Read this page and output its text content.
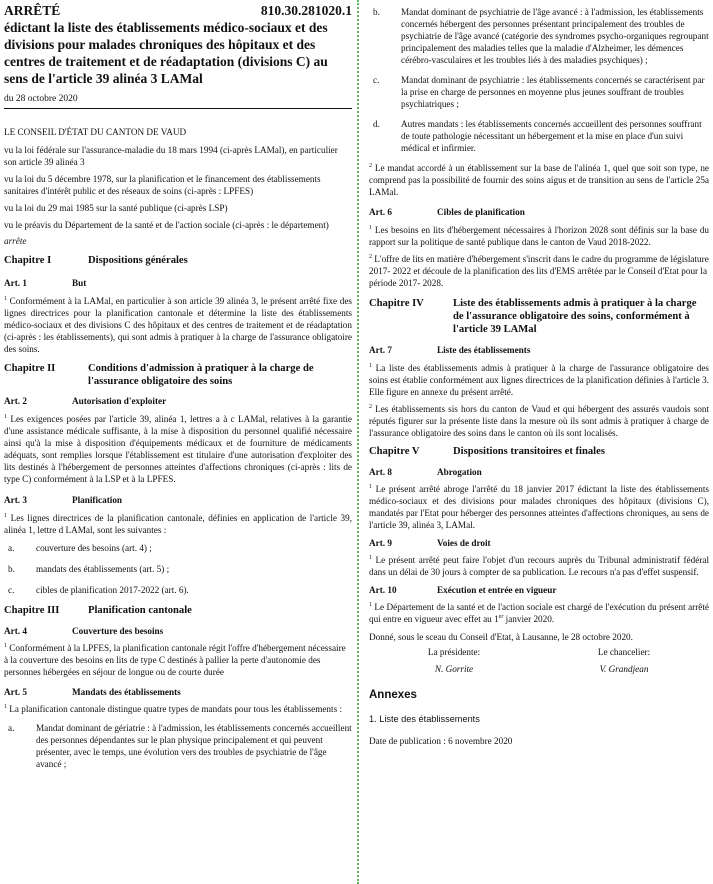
ARRÊTÉ	810.30.281020.1

édictant la liste des établissements médico-sociaux et des divisions pour malades chroniques des hôpitaux et des centres de traitement et de réadaptation (divisions C) au sens de l'article 39 alinéa 3 LAMal

du 28 octobre 2020

LE CONSEIL D'ÉTAT DU CANTON DE VAUD

vu la loi fédérale sur l'assurance-maladie du 18 mars 1994 (ci-après LAMal), en particulier son article 39 alinéa 3

vu la loi du 5 décembre 1978, sur la planification et le financement des établissements sanitaires d'intérêt public et des réseaux de soins (ci-après : LPFES)

vu la loi du 29 mai 1985 sur la santé publique (ci-après LSP)

vu le préavis du Département de la santé et de l'action sociale (ci-après : le département)

arrête

Chapitre I	Dispositions générales
Art. 1	But

$^1$ Conformément à la LAMal, en particulier à son article 39 alinéa 3, le présent arrêté fixe des lignes directrices pour la planification cantonale et détermine la liste des établissements médico-sociaux et des divisions C des hôpitaux et des centres de traitement et de réadaptation (ci-après : les établissements), qui sont admis à pratiquer à la charge de l'assurance obligatoire des soins.

Chapitre II	Conditions d'admission à pratiquer à la charge de l'assurance obligatoire des soins
Art. 2	Autorisation d'exploiter

$^1$ Les exigences posées par l'article 39, alinéa 1, lettres a à c LAMal, relatives à la garantie d'une assistance médicale suffisante, à la mise à disposition du personnel qualifié nécessaire ainsi qu'à la mise à disposition d'équipements médicaux et de fourniture de médicaments adéquats, sont remplies lorsque l'établissement est titulaire d'une autorisation d'exploiter des lits destinés à l'hébergement de personnes atteintes d'affections chroniques (ci-après : lits de type C) conformément à la LSP et à la LPFES.

Art. 3	Planification

$^1$ Les lignes directrices de la planification cantonale, définies en application de l'article 39, alinéa 1, lettre d LAMal, sont les suivantes :

a.	couverture des besoins (art. 4) ;
b.	mandats des établissements (art. 5) ;
c.	cibles de planification 2017-2022 (art. 6).
Chapitre III	Planification cantonale
Art. 4	Couverture des besoins

$^1$ Conformément à la LPFES, la planification cantonale régit l'offre d'hébergement nécessaire à la couverture des besoins en lits de type C destinés à pallier la perte d'autonomie des personnes hébergées en séjour de longue ou de courte durée

Art. 5	Mandats des établissements

$^1$ La planification cantonale distingue quatre types de mandats pour tous les établissements :

a.	Mandat dominant de gériatrie : à l'admission, les établissements concernés accueillent des personnes dépendantes sur le plan physique principalement et qui peuvent présenter, avec le temps, une évolution vers des troubles de psychiatrie de l'âge avancé ;
b.	Mandat dominant de psychiatrie de l'âge avancé : à l'admission, les établissements concernés hébergent des personnes présentant principalement des troubles de psychiatrie de l'âge avancé (catégorie des syndromes psycho-organiques regroupant principalement des maladies telles que la maladie d'Alzheimer, les démences cérébro-vasculaires et les troubles liés à des maladies psychiques) ;
c.	Mandat dominant de psychiatrie : les établissements concernés se caractérisent par la prise en charge de personnes en moyenne plus jeunes souffrant de troubles psychiatriques ;
d.	Autres mandats : les établissements concernés accueillent des personnes souffrant de toute pathologie nécessitant un hébergement et la mise en place d'un suivi médical et infirmier.

$^2$ Le mandat accordé à un établissement sur la base de l'alinéa 1, quel que soit son type, ne comprend pas la possibilité de fournir des soins aigus et de transition au sens de l'article 25a LAMal.

Art. 6	Cibles de planification

$^1$ Les besoins en lits d'hébergement nécessaires à l'horizon 2028 sont définis sur la base du rapport sur la politique de santé publique dans le canton de Vaud 2018-2022.

$^2$ L'offre de lits en matière d'hébergement s'inscrit dans le cadre du programme de législature 2017- 2022 et découle de la planification des lits d'EMS arrêtée par le Conseil d'Etat pour la période 2017- 2028.

Chapitre IV	Liste des établissements admis à pratiquer à la charge de l'assurance obligatoire des soins, conformément à l'article 39 LAMal
Art. 7	Liste des établissements

$^1$ La liste des établissements admis à pratiquer à la charge de l'assurance obligatoire des soins est établie conformément aux lignes directrices de la planification définies à l'article 3. Elle figure en annexe du présent arrêté.

$^2$ Les établissements sis hors du canton de Vaud et qui hébergent des assurés vaudois sont réputés figurer sur la présente liste dans la mesure où ils sont admis à pratiquer à charge de l'assurance obligatoire des soins dans le canton où ils sont localisés.

Chapitre V	Dispositions transitoires et finales
Art. 8	Abrogation

$^1$ Le présent arrêté abroge l'arrêté du 18 janvier 2017 édictant la liste des établissements médico-sociaux et des divisions pour malades chroniques des hôpitaux (divisions C), mandatés par l'Etat pour héberger des personnes atteintes d'affections chroniques, au sens de l'article 39, alinéa 3, LAMal.

Art. 9	Voies de droit

$^1$ Le présent arrêté peut faire l'objet d'un recours auprès du Tribunal administratif fédéral dans un délai de 30 jours à compter de sa publication. Le recours n'a pas d'effet suspensif.

Art. 10	Exécution et entrée en vigueur

$^1$ Le Département de la santé et de l'action sociale est chargé de l'exécution du présent arrêté qui entre en vigueur avec effet au 1er janvier 2020.

Donné, sous le sceau du Conseil d'Etat, à Lausanne, le 28 octobre 2020.

La présidente:	Le chancelier:
N. Gorrite	V. Grandjean

Annexes

1. Liste des établissements

Date de publication : 6 novembre 2020
